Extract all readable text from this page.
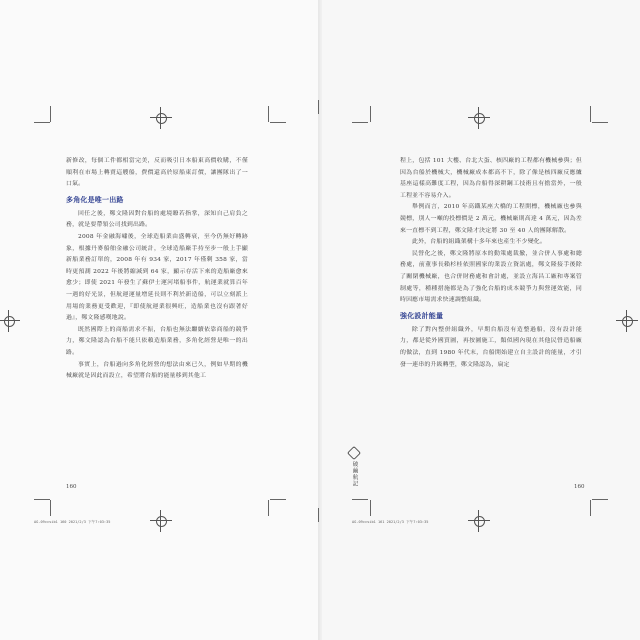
新修改，每個工件都相當完美，反而吸引日本船東高價收購，不僅順利在市場上轉賣這艘船，費價還高於原船東訂價，讓團隊出了一口氣。

多角化是唯一出路

回任之後，鄭文隆因對台船的處境瞭若指掌，深知自己肩負之務，就是要帶領公司找到出路。

2008 年金融海嘯後，全球造船業由盛轉衰，至今仍無好轉跡象，根據丹麥船舶金融公司統計，全球造船廠手持至步一般上手顯新船業務訂單的，2008 年有 934 家，2017 年僅剩 358 家，當時更預測 2022 年後將縮減到 64 家，顯示存活下來的造船廠愈來愈少；即使 2021 年發生了蘇伊士運河堵船事件，航運業就算百年一遇的好光景，但航運運量增延長則不利於新造船，可以立刻派上用場的業務更受歡迎，『即使航運業很興旺，造船業也沒有跟著好過』，鄭文隆感嘆地說。

既然國際上的商船需求不振，台船也無法繼續依靠商船的競爭力，鄭文隆認為台船不能只依賴造船業務，多角化經營是唯一的出路。

事實上，台船過向多角化經營的想法由來已久，例如早期的機械廠就是因此而設立，希望將台船的能量移到其他工

程上，包括 101 大樓、台北大蛋、核四廠的工程都有機械參與；但因為台船於機械大，機械廠成本都高不下，除了像是核四廠反應爐基座這樣高難度工程，因為台船得深耕鋼工技術且有擔當外，一般工程並不容易介入。

舉例而言，2010 年高鐵某座大橋的工程開標，機械廠也參與競標，別人一噸的投標價是 2 萬元，機械廠則高達 4 萬元，因為差來一直標不到工程，鄭文隆才決定將 30 至 40 人的團隊解散。

此外，台船的組織架構十多年來也產生不少變化。

民營化之後，鄭文隆將原本的動策處裁撤，並合併人事處和總務處，前董事長賴杉桂依照國家的業設立資訊處，鄭文隆接手後除了關閉機械廠，也合併財務處和會計處，並設立海昌工廠和專案管制處等，種種措施都是為了強化台船的成本競爭力與營運效能，同時因應市場需求快速調整組織。

強化設計能量

除了對內整併組織外，早期台船沒有造整過船，沒有設計能力，都是從外國買圖，再按圖施工，類似國內現在其他民營造船廠的做法，直到 1980 年代末，台船開始建立自主設計的能量，才引發一連串的升級轉型，鄭文隆認為，扁定

160	160
破繭航記
AG-09ccsib1 160 2021/2/3 下午7:03:35	AG-09ccsib1 161 2021/2/3 下午7:03:35
